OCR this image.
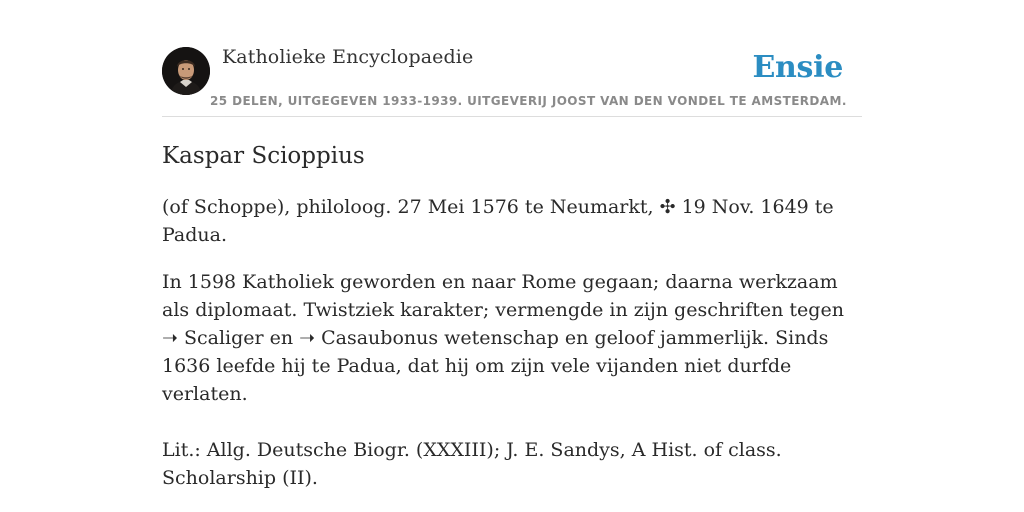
Katholieke Encyclopaedie	Ensie
25 DELEN, UITGEGEVEN 1933-1939. UITGEVERIJ JOOST VAN DEN VONDEL TE AMSTERDAM.
Kaspar Scioppius

(of Schoppe), philoloog. 27 Mei 1576 te Neumarkt, ✣ 19 Nov. 1649 te Padua.

In 1598 Katholiek geworden en naar Rome gegaan; daarna werkzaam als diplomaat. Twistziek karakter; vermengde in zijn geschriften tegen ➝ Scaliger en ➝ Casaubonus wetenschap en geloof jammerlijk. Sinds 1636 leefde hij te Padua, dat hij om zijn vele vijanden niet durfde verlaten.

Lit.: Allg. Deutsche Biogr. (XXXIII); J. E. Sandys, A Hist. of class. Scholarship (II).
